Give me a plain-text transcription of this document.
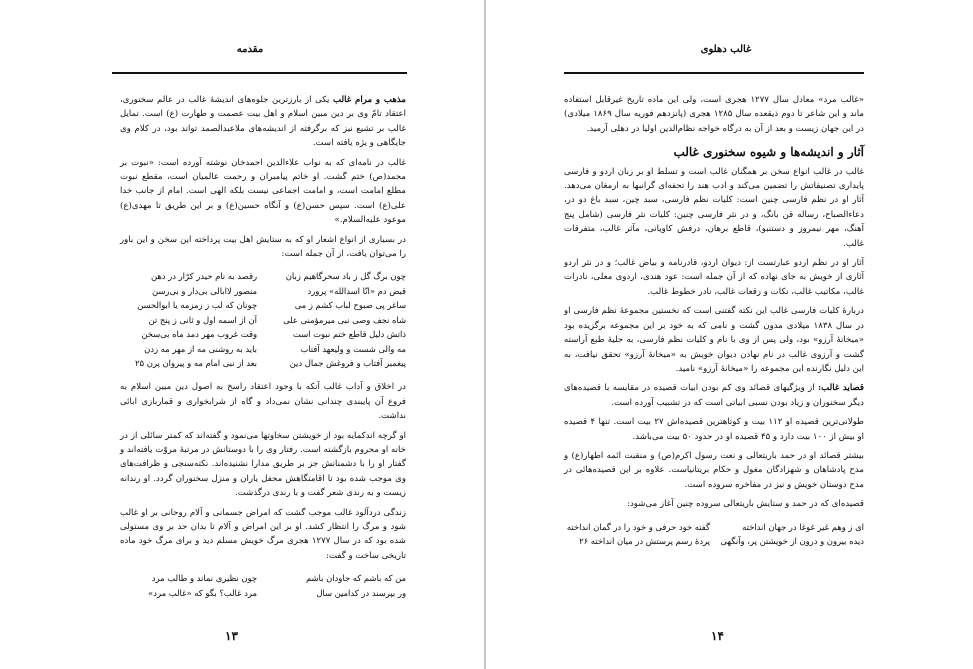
مقدمه

مذهب و مرام غالب یکی از بارزترین جلوه‌های اندیشهٔ غالب در عالم سخنوری، اعتقاد تامّ وی بر دین مبین اسلام و اهل بیت عصمت و طهارت (ع) است. تمایل غالب بر تشیع نیز که برگرفته از اندیشه‌های ملاعبدالصمد تواند بود، در کلام وی جایگاهی و یژه یافته است.

غالب در نامه‌ای که به نواب علاءالدین احمدخان نوشته آورده است: «نبوت بر محمد(ص) ختم گشت. او خاتم پیامبران و رحمت عالمیان است، مقطع نبوت مطلع امامت است، و امامت اجماعی نیست بلکه الهی است. امام از جانب خدا علی(ع) است. سپس حسن(ع) و آنگاه حسین(ع) و بر این طریق تا مهدی(ع) موعود علیه‌السلام.»

در بسیاری از انواع اشعار او که به ستایش اهل بیت پرداخته این سخن و این باور را می‌توان یافت، از آن جمله است:

چون برگ گل ز باد سحرگاهیم زبان
رقصد به نام حیدر کرّار در دهن
قبض دم «انّا اسدالله» پرورد
منصور لاابالی بی‌دار و بی‌رسن
ساغر پی صبوح لباب کشم ز می
چونان که لب ز زمزمه یا ابوالحسن
شاه نجف وصی نبی میرمؤمنی علی
آن از اسمه اول و ثانی ز پنج تن
ذاتش دلیل قاطع ختم نبوت است
وقت غروب مهر دمد ماه بی‌سخن
مه والی شست و ولیعهد آفتاب
باید به روشنی مه از مهر مه زدن
پیغمبر آفتاب و فروغش جمال دین
بعد از نبی امام مه و پیروان پرن ۲۵

در اخلاق و آداب غالب آنکه با وجود اعتقاد راسخ به اصول دین مبین اسلام به فروع آن پایبندی چندانی نشان نمی‌داد و گاه از شرابخواری و قماربازی ابائی نداشت.

او گرچه اندکمایه بود از خویشتن سخاوتها می‌نمود و گفته‌اند که کمتر سائلی از در خانه او محروم بازگشته است. رفتار وی را با دوستانش در مرتبهٔ مروّت یافته‌اند و گفتار او را با دشمنانش جز بر طریق مدارا نشنیده‌اند. نکته‌سنجی و ظرافت‌های وی موجب شده بود تا اقامتگاهش محفل یاران و منزل سخنوران گردد. او رندانه زیست و به رندی شعر گفت و با رندی درگذشت.

زندگی دردآلود غالب موجب گشت که امراض جسمانی و آلام روحانی بر او غالب شود و مرگ را انتظار کشد. او بر این امراض و آلام تا بدان حد بر وی مستولی شده بود که در سال ۱۲۷۷ هجری مرگ خویش مسلم دید و برای مرگ خود ماده تاریخی ساخت و گفت:

من که باشم که جاودان باشم
چون نظیری نماند و طالب مرد
ور بپرسند در کدامین سال
مرد غالب؟ بگو که «غالب مرد»
۱۳
غالب دهلوی

«غالب مرد» معادل سال ۱۲۷۷ هجری است، ولی این ماده تاریخ غیرقابل استفاده ماند و این شاعر تا دوم ذیقعده سال ۱۲۸۵ هجری (پانزدهم فوریه سال ۱۸۶۹ میلادی) در این جهان زیست و بعد از آن به درگاه خواجه نظام‌الدین اولیا در دهلی آرمید.

آثار و اندیشه‌ها و شیوه سخنوری غالب

غالب در غالب انواع سخن بر همگنان غالب است و تسلط او بر زبان اردو و فارسی پایداری تصنیفاتش را تضمین می‌کند و ادب هند را تحفه‌ای گرانبها به ارمغان می‌دهد. آثار او در نظم فارسی چنین است: کلیات نظم فارسی، سبد چین، سبد باغ دو در، دعاءالصباح، رساله قن بانگ، و در نثر فارسی چنین: کلیات نثر فارسی (شامل پنج آهنگ، مهر نیمروز و دستنبو)، قاطع برهان، درفش کاویانی، مآثر غالب، متفرقات غالب.

آثار او در نظم اردو عبارتست از: دیوان اردو، قادرنامه و بیاض غالب؛ و در نثر اردو آثاری از خویش به جای نهاده که از آن جمله است: عود هندی، اردوی معلی، نادرات غالب، مکاتیب غالب، نکات و رقعات غالب، نادر خطوط غالب.

دربارهٔ کلیات فارسی غالب این نکته گفتنی است که نخستین مجموعهٔ نظم فارسی او در سال ۱۸۳۸ میلادی مدون گشت و نامی که به خود بر این مجموعه برگزیده بود «میخانهٔ آرزو» بود، ولی پس از وی با نام و کلیات نظم فارسی، به حلیهٔ طبع آراسته گشت و آرزوی غالب در نام نهادن دیوان خویش به «میخانهٔ آرزو» تحقق نیافت، به این دلیل نگارنده این مجموعه را «میخانهٔ آرزو» نامید.

قصاید غالب: از ویژگیهای قصائد وی کم بودن ابیات قصیده در مقایسه با قصیده‌های دیگر سخنوران و زیاد بودن نسبی ابیاتی است که در تشبیب آورده است.

طولانی‌ترین قصیده او ۱۱۲ بیت و کوتاهترین قصیده‌اش ۲۷ بیت است. تنها ۴ قصیده او بیش از ۱۰۰ بیت دارد و ۴۵ قصیده او در حدود ۵۰ بیت می‌باشد.

بیشتر قصائد او در حمد باریتعالی و نعت رسول اکرم(ص) و منقبت ائمه اطهار(ع) و مدح پادشاهان و شهزادگان مغول و حکام بریتانیاست. علاوه بر این قصیده‌هائی در مدح دوستان خویش و نیز در مفاخره سروده است.

قصیده‌ای که در حمد و ستایش باریتعالی سروده چنین آغاز می‌شود:

ای ز وهم غیر غوغا در جهان انداخته
گفته خود حرفی و خود را در گمان انداخته
دیده بیرون و درون از خویشتن پر، وآنگهی
پردهٔ رسم پرستش در میان انداخته ۲۶
۱۴
